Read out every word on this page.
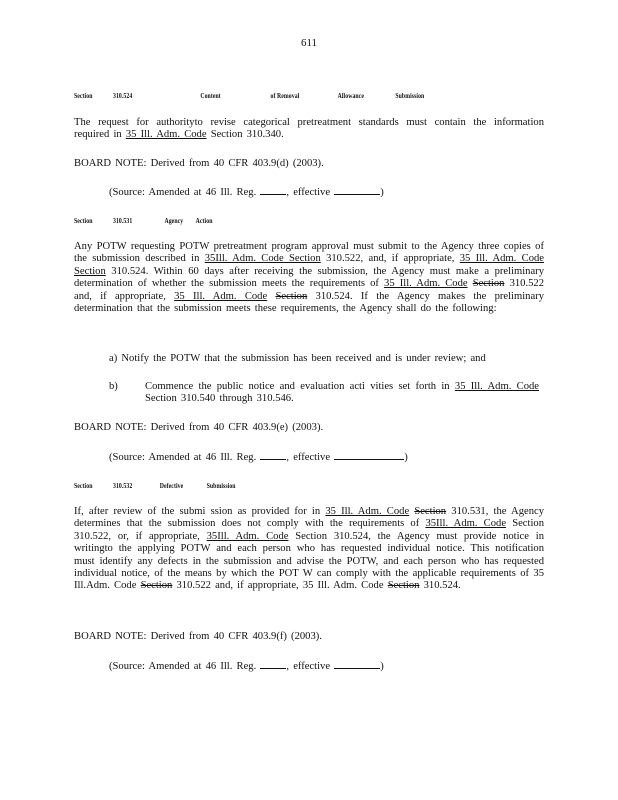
611
Section	310.524	Content	of Removal	Allowance	Submission
The request for authorityto revise categorical pretreatment standards must contain the information required in 35 Ill. Adm. Code Section 310.340.
BOARD NOTE: Derived from 40 CFR 403.9(d) (2003).
(Source: Amended at 46 Ill. Reg.	, effective	)
Section	310.531	Agency Action
Any POTW requesting POTW pretreatment program approval must submit to the Agency three copies of the submission described in 35Ill. Adm. Code Section 310.522, and, if appropriate, 35 Ill. Adm. Code Section 310.524. Within 60 days after receiving the submission, the Agency must make a preliminary determination of whether the submission meets the requirements of 35 Ill. Adm. Code Section 310.522 and, if appropriate, 35 Ill. Adm. Code Section 310.524. If the Agency makes the preliminary determination that the submission meets these requirements, the Agency shall do the following:
a) Notify the POTW that the submission has been received and is under review; and
b)	Commence the public notice and evaluation acti vities set forth in 35 Ill. Adm. Code Section 310.540 through 310.546.
BOARD NOTE: Derived from 40 CFR 403.9(e) (2003).
(Source: Amended at 46 Ill. Reg.	, effective	)
Section	310.532	Defective	Submission
If, after review of the submi ssion as provided for in 35 Ill. Adm. Code Section 310.531, the Agency determines that the submission does not comply with the requirements of 35Ill. Adm. Code Section 310.522, or, if appropriate, 35Ill. Adm. Code Section 310.524, the Agency must provide notice in writingto the applying POTW and each person who has requested individual notice. This notification must identify any defects in the submission and advise the POTW, and each person who has requested individual notice, of the means by which the POT W can comply with the applicable requirements of 35 Ill.Adm. Code Section 310.522 and, if appropriate, 35 Ill. Adm. Code Section 310.524.
BOARD NOTE: Derived from 40 CFR 403.9(f) (2003).
(Source: Amended at 46 Ill. Reg.	, effective	)
